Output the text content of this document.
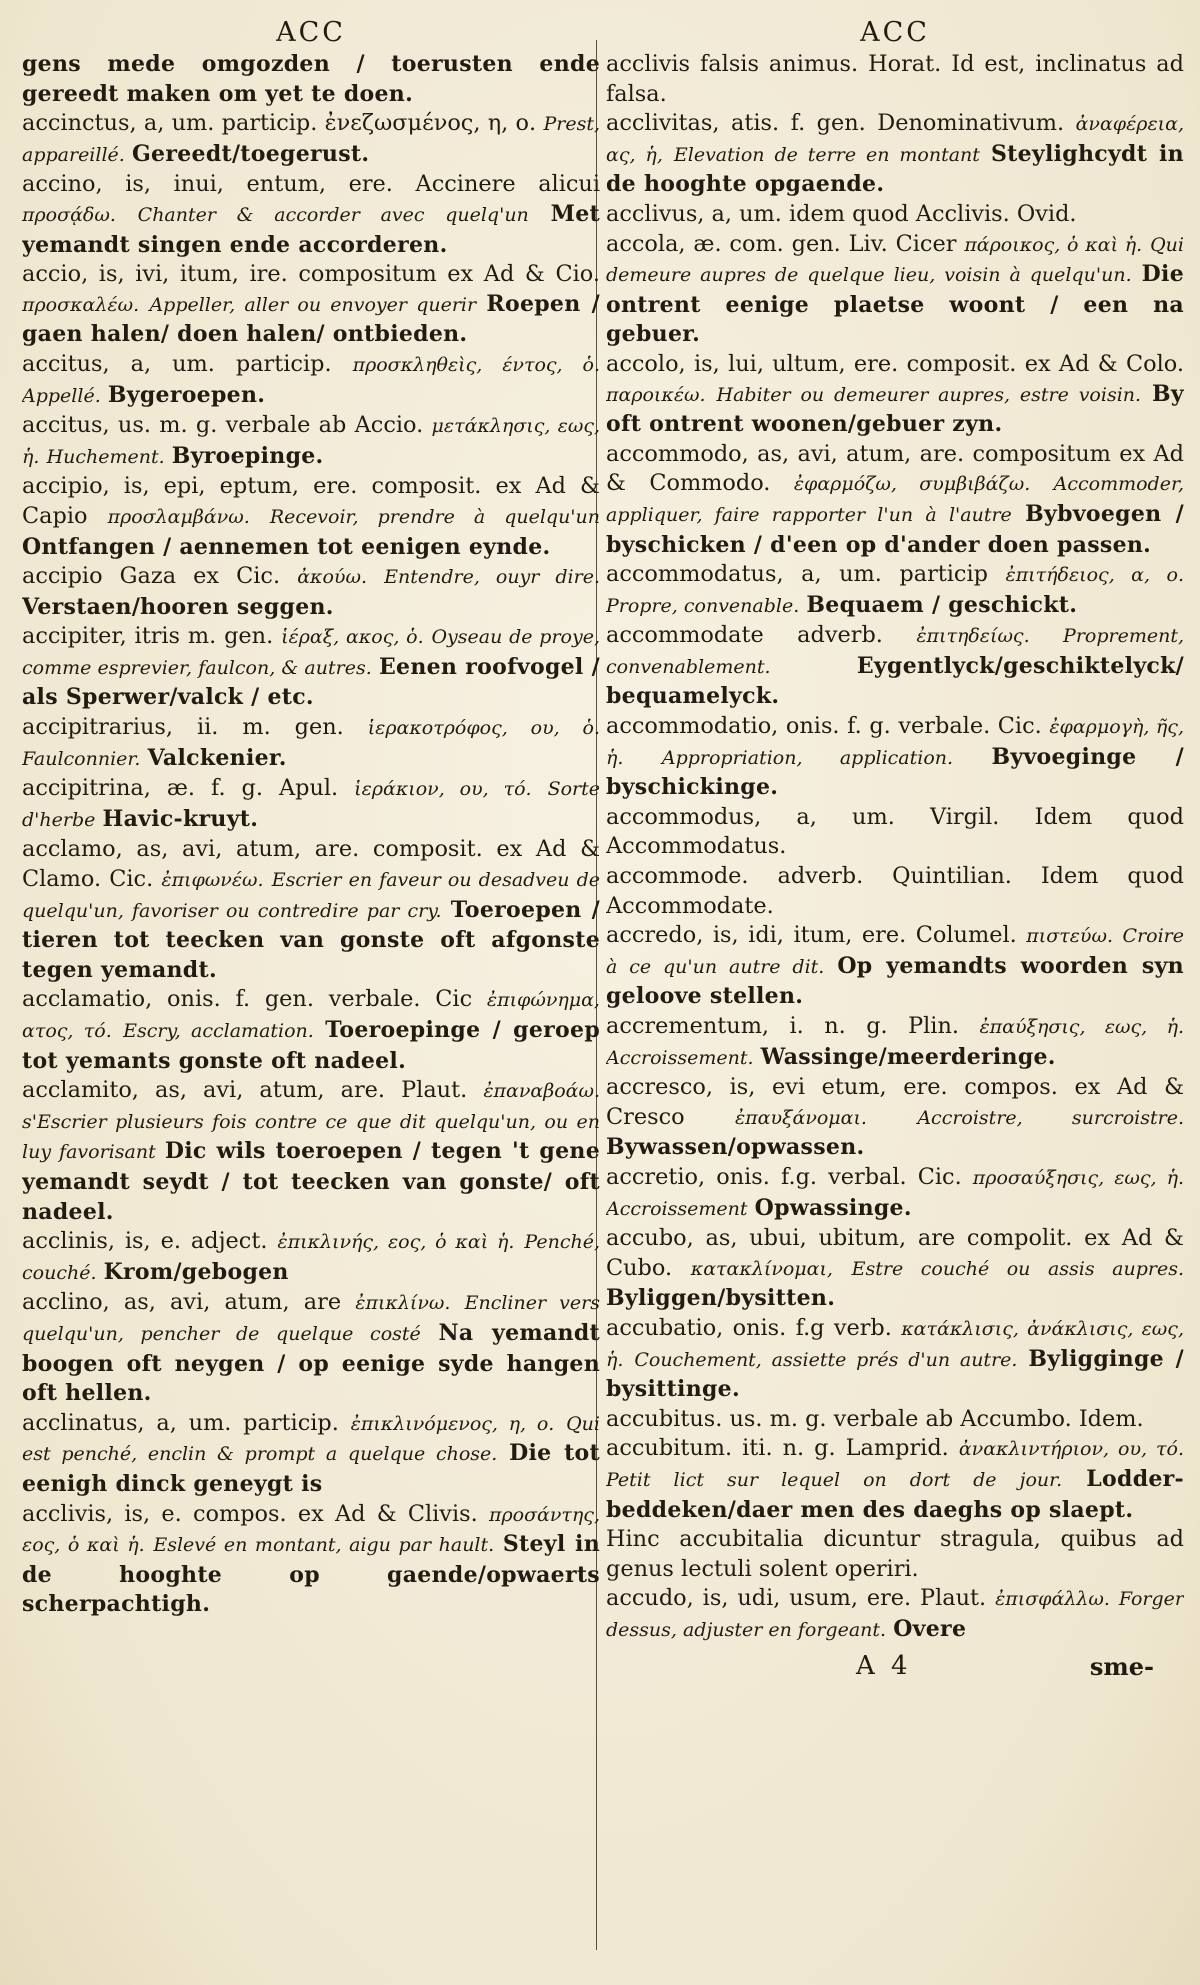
ACC

gens mede omgozden / toerusten ende gereedt maken om yet te doen.

accinctus, a, um. particip. ἐνεζωσμένος, η, ο. Prest, appareillé. Gereedt/toegerust.

accino, is, inui, entum, ere. Accinere alicui προσᾴδω. Chanter & accorder avec quelq'un Met yemandt singen ende accorderen.

accio, is, ivi, itum, ire. compositum ex Ad & Cio. προσκαλέω. Appeller, aller ou envoyer querir Roepen / gaen halen/ doen halen/ ontbieden.

accitus, a, um. particip. προσκληθεὶς, έντος, ὁ. Appellé. Bygeroepen.

accitus, us. m. g. verbale ab Accio. μετάκλησις, εως, ἡ. Huchement. Byroepinge.

accipio, is, epi, eptum, ere. composit. ex Ad & Capio προσλαμβάνω. Recevoir, prendre à quelqu'un Ontfangen / aennemen tot eenigen eynde.

accipio Gaza ex Cic. ἀκούω. Entendre, ouyr dire. Verstaen/hooren seggen.

accipiter, itris m. gen. ἱέραξ, ακος, ὁ. Oyseau de proye, comme esprevier, faulcon, & autres. Eenen roofvogel / als Sperwer/valck / etc.

accipitrarius, ii. m. gen. ἱερακοτρόφος, ου, ὁ. Faulconnier. Valckenier.

accipitrina, æ. f. g. Apul. ἱεράκιον, ου, τό. Sorte d'herbe Havic-kruyt.

acclamo, as, avi, atum, are. composit. ex Ad & Clamo. Cic. ἐπιφωνέω. Escrier en faveur ou desadveu de quelqu'un, favoriser ou contredire par cry. Toeroepen / tieren tot teecken van gonste oft afgonste tegen yemandt.

acclamatio, onis. f. gen. verbale. Cic ἐπιφώνημα, ατος, τό. Escry, acclamation. Toeroepinge / geroep tot yemants gonste oft nadeel.

acclamito, as, avi, atum, are. Plaut. ἐπαναβοάω. s'Escrier plusieurs fois contre ce que dit quelqu'un, ou en luy favorisant Dic wils toeroepen / tegen 't gene yemandt seydt / tot teecken van gonste/ oft nadeel.

acclinis, is, e. adject. ἐπικλινής, εος, ὁ καὶ ἡ. Penché, couché. Krom/gebogen

acclino, as, avi, atum, are ἐπικλίνω. Encliner vers quelqu'un, pencher de quelque costé Na yemandt boogen oft neygen / op eenige syde hangen oft hellen.

acclinatus, a, um. particip. ἐπικλινόμενος, η, ο. Qui est penché, enclin & prompt a quelque chose. Die tot eenigh dinck geneygt is

acclivis, is, e. compos. ex Ad & Clivis. προσάντης, εος, ὁ καὶ ἡ. Eslevé en montant, aigu par hault. Steyl in de hooghte op gaende/opwaerts scherpachtigh.

ACC

acclivis falsis animus. Horat. Id est, inclinatus ad falsa.

acclivitas, atis. f. gen. Denominativum. ἀναφέρεια, ας, ἡ, Elevation de terre en montant Steylighcydt in de hooghte opgaende.

acclivus, a, um. idem quod Acclivis. Ovid.

accola, æ. com. gen. Liv. Cicer πάροικος, ὁ καὶ ἡ. Qui demeure aupres de quelque lieu, voisin à quelqu'un. Die ontrent eenige plaetse woont / een na gebuer.

accolo, is, lui, ultum, ere. composit. ex Ad & Colo. παροικέω. Habiter ou demeurer aupres, estre voisin. By oft ontrent woonen/gebuer zyn.

accommodo, as, avi, atum, are. compositum ex Ad & Commodo. ἐφαρμόζω, συμβιβάζω. Accommoder, appliquer, faire rapporter l'un à l'autre Bybvoegen / byschicken / d'een op d'ander doen passen.

accommodatus, a, um. particip ἐπιτήδειος, α, ο. Propre, convenable. Bequaem / geschickt.

accommodate adverb. ἐπιτηδείως. Proprement, convenablement.	Eygentlyck/geschiktelyck/ bequamelyck.

accommodatio, onis. f. g. verbale. Cic. ἐφαρμογὴ, ῆς, ἡ. Appropriation, application. Byvoeginge / byschickinge.

accommodus, a, um. Virgil. Idem quod Accommodatus.

accommode. adverb. Quintilian. Idem quod Accommodate.

accredo, is, idi, itum, ere. Columel. πιστεύω. Croire à ce qu'un autre dit. Op yemandts woorden syn geloove stellen.

accrementum, i. n. g. Plin. ἐπαύξησις, εως, ἡ. Accroissement. Wassinge/meerderinge.

accresco, is, evi etum, ere. compos. ex Ad & Cresco	ἐπαυξάνομαι.	Accroistre, surcroistre. Bywassen/opwassen.

accretio, onis. f.g. verbal. Cic. προσαύξησις, εως, ἡ. Accroissement Opwassinge.

accubo, as, ubui, ubitum, are compolit. ex Ad & Cubo. κατακλίνομαι, Estre couché ou assis aupres. Byliggen/bysitten.

accubatio, onis. f.g verb. κατάκλισις, ἀνάκλισις, εως, ἡ. Couchement, assiette prés d'un autre. Byligginge / bysittinge.

accubitus. us. m. g. verbale ab Accumbo. Idem.

accubitum. iti. n. g. Lamprid. ἀνακλιντήριον, ου, τό. Petit lict sur lequel on dort de jour. Lodder-beddeken/daer men des daeghs op slaept.

Hinc accubitalia dicuntur stragula, quibus ad genus lectuli solent operiri.

accudo, is, udi, usum, ere. Plaut. ἐπισφάλλω. Forger dessus, adjuster en forgeant. Overe

A 4	sme-
